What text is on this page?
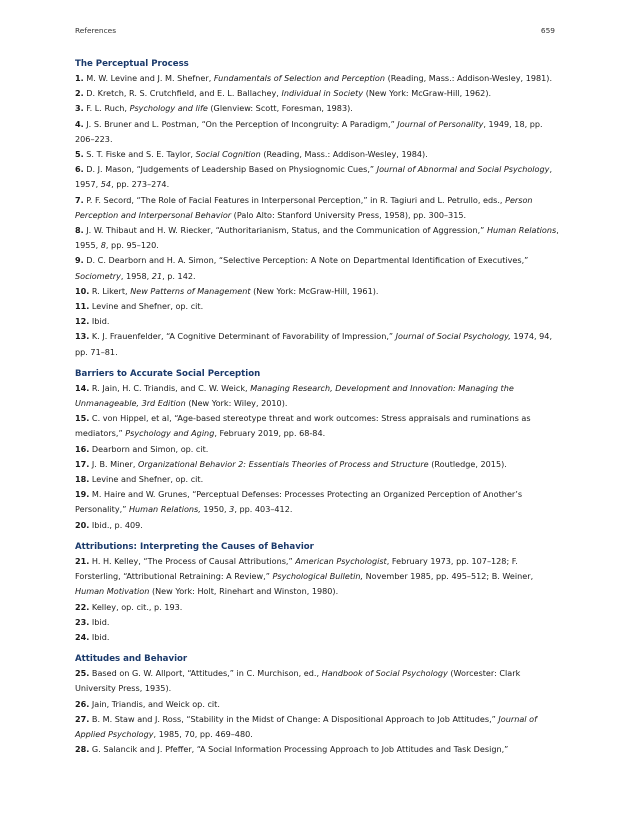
References	659

The Perceptual Process

1. M. W. Levine and J. M. Shefner, Fundamentals of Selection and Perception (Reading, Mass.: Addison-Wesley, 1981).

2. D. Kretch, R. S. Crutchfield, and E. L. Ballachey, Individual in Society (New York: McGraw-Hill, 1962).

3. F. L. Ruch, Psychology and life (Glenview: Scott, Foresman, 1983).

4. J. S. Bruner and L. Postman, “On the Perception of Incongruity: A Paradigm,” Journal of Personality, 1949, 18, pp. 206–223.

5. S. T. Fiske and S. E. Taylor, Social Cognition (Reading, Mass.: Addison-Wesley, 1984).

6. D. J. Mason, “Judgements of Leadership Based on Physiognomic Cues,” Journal of Abnormal and Social Psychology, 1957, 54, pp. 273–274.

7. P. F. Secord, “The Role of Facial Features in Interpersonal Perception,” in R. Tagiuri and L. Petrullo, eds., Person Perception and Interpersonal Behavior (Palo Alto: Stanford University Press, 1958), pp. 300–315.

8. J. W. Thibaut and H. W. Riecker, “Authoritarianism, Status, and the Communication of Aggression,” Human Relations, 1955, 8, pp. 95–120.

9. D. C. Dearborn and H. A. Simon, “Selective Perception: A Note on Departmental Identification of Executives,” Sociometry, 1958, 21, p. 142.

10. R. Likert, New Patterns of Management (New York: McGraw-Hill, 1961).

11. Levine and Shefner, op. cit.

12. Ibid.

13. K. J. Frauenfelder, “A Cognitive Determinant of Favorability of Impression,” Journal of Social Psychology, 1974, 94, pp. 71–81.

Barriers to Accurate Social Perception

14. R. Jain, H. C. Triandis, and C. W. Weick, Managing Research, Development and Innovation: Managing the Unmanageable, 3rd Edition (New York: Wiley, 2010).

15. C. von Hippel, et al, “Age-based stereotype threat and work outcomes: Stress appraisals and ruminations as mediators,” Psychology and Aging, February 2019, pp. 68-84.

16. Dearborn and Simon, op. cit.

17. J. B. Miner, Organizational Behavior 2: Essentials Theories of Process and Structure (Routledge, 2015).

18. Levine and Shefner, op. cit.

19. M. Haire and W. Grunes, “Perceptual Defenses: Processes Protecting an Organized Perception of Another’s Personality,” Human Relations, 1950, 3, pp. 403–412.

20. Ibid., p. 409.

Attributions: Interpreting the Causes of Behavior

21. H. H. Kelley, “The Process of Causal Attributions,” American Psychologist, February 1973, pp. 107–128; F. Forsterling, “Attributional Retraining: A Review,” Psychological Bulletin, November 1985, pp. 495–512; B. Weiner, Human Motivation (New York: Holt, Rinehart and Winston, 1980).

22. Kelley, op. cit., p. 193.

23. Ibid.

24. Ibid.

Attitudes and Behavior

25. Based on G. W. Allport, “Attitudes,” in C. Murchison, ed., Handbook of Social Psychology (Worcester: Clark University Press, 1935).

26. Jain, Triandis, and Weick op. cit.

27. B. M. Staw and J. Ross, “Stability in the Midst of Change: A Dispositional Approach to Job Attitudes,” Journal of Applied Psychology, 1985, 70, pp. 469–480.

28. G. Salancik and J. Pfeffer, “A Social Information Processing Approach to Job Attitudes and Task Design,”
